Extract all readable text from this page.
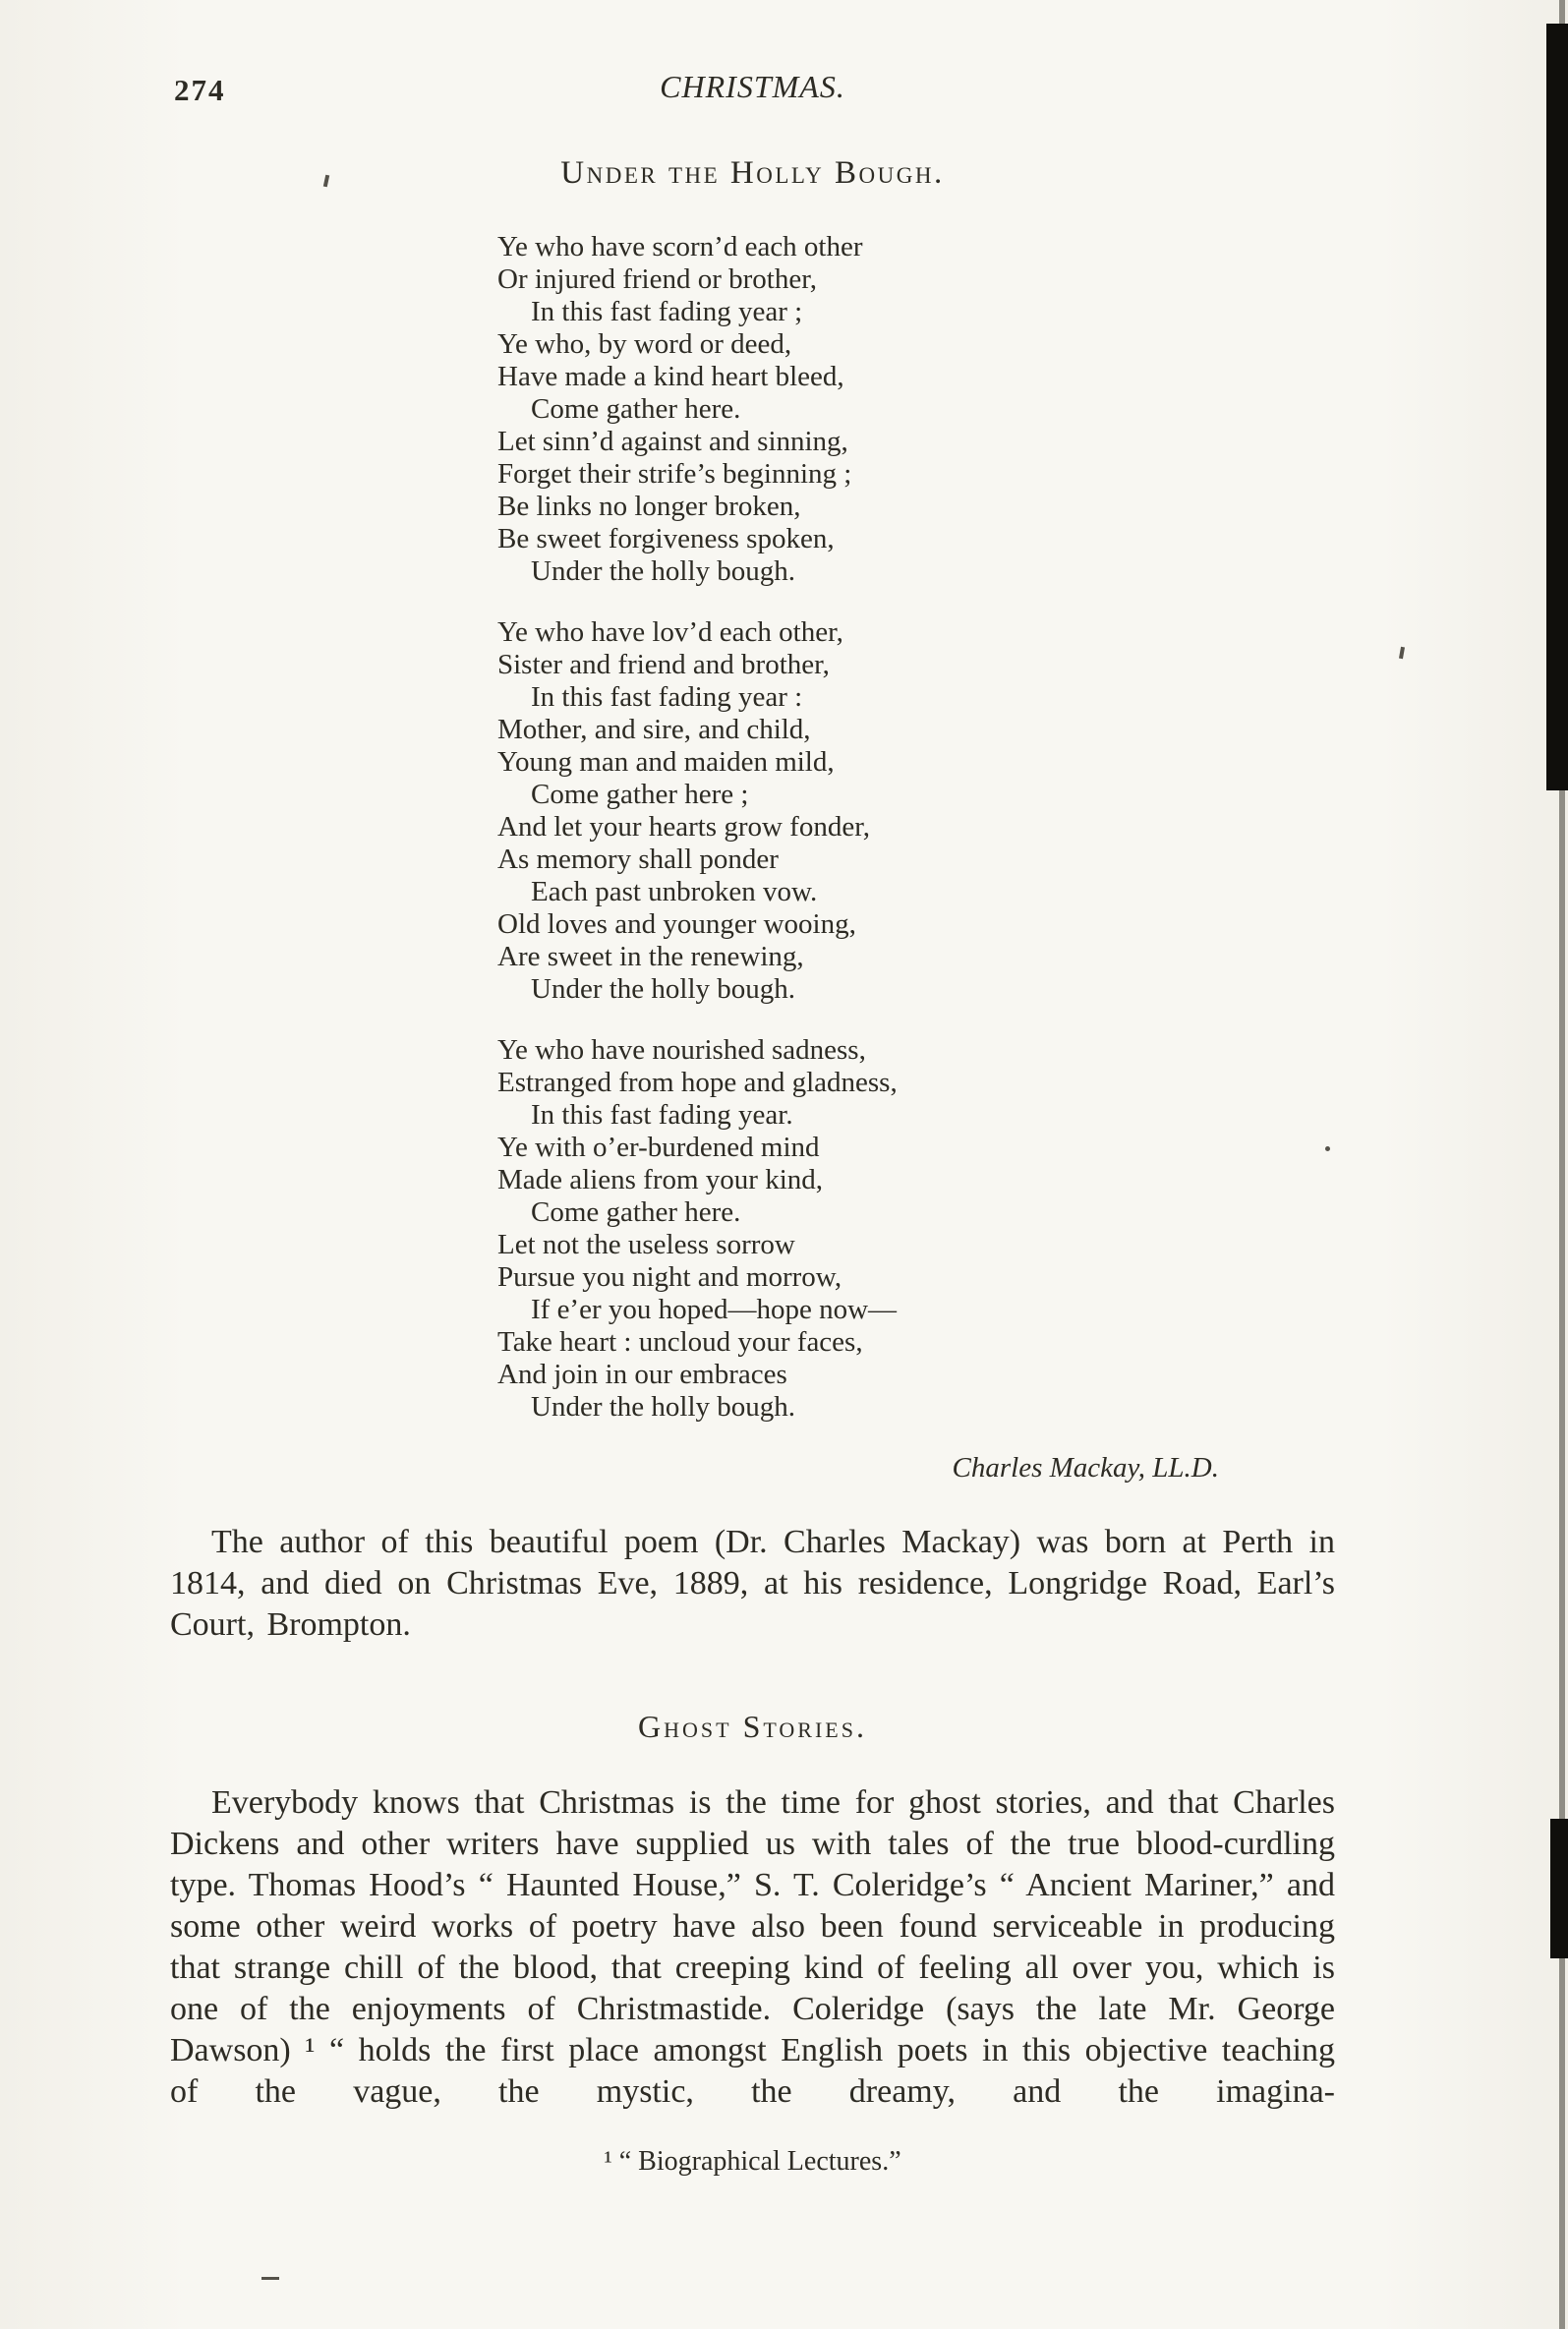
274	CHRISTMAS.
Under the Holly Bough.
Ye who have scorn’d each other
Or injured friend or brother,
In this fast fading year ;
Ye who, by word or deed,
Have made a kind heart bleed,
Come gather here.
Let sinn’d against and sinning,
Forget their strife’s beginning ;
Be links no longer broken,
Be sweet forgiveness spoken,
Under the holly bough.
Ye who have lov’d each other,
Sister and friend and brother,
In this fast fading year :
Mother, and sire, and child,
Young man and maiden mild,
Come gather here ;
And let your hearts grow fonder,
As memory shall ponder
Each past unbroken vow.
Old loves and younger wooing,
Are sweet in the renewing,
Under the holly bough.
Ye who have nourished sadness,
Estranged from hope and gladness,
In this fast fading year.
Ye with o’er-burdened mind
Made aliens from your kind,
Come gather here.
Let not the useless sorrow
Pursue you night and morrow,
If e’er you hoped—hope now—
Take heart : uncloud your faces,
And join in our embraces
Under the holly bough.
Charles Mackay, LL.D.

The author of this beautiful poem (Dr. Charles Mackay) was born at Perth in 1814, and died on Christmas Eve, 1889, at his residence, Longridge Road, Earl’s Court, Brompton.

Ghost Stories.

Everybody knows that Christmas is the time for ghost stories, and that Charles Dickens and other writers have supplied us with tales of the true blood-curdling type. Thomas Hood’s “ Haunted House,” S. T. Coleridge’s “ Ancient Mariner,” and some other weird works of poetry have also been found serviceable in producing that strange chill of the blood, that creeping kind of feeling all over you, which is one of the enjoyments of Christmastide. Coleridge (says the late Mr. George Dawson) ¹ “ holds the first place amongst English poets in this objective teaching of the vague, the mystic, the dreamy, and the imagina-

¹ “ Biographical Lectures.”
